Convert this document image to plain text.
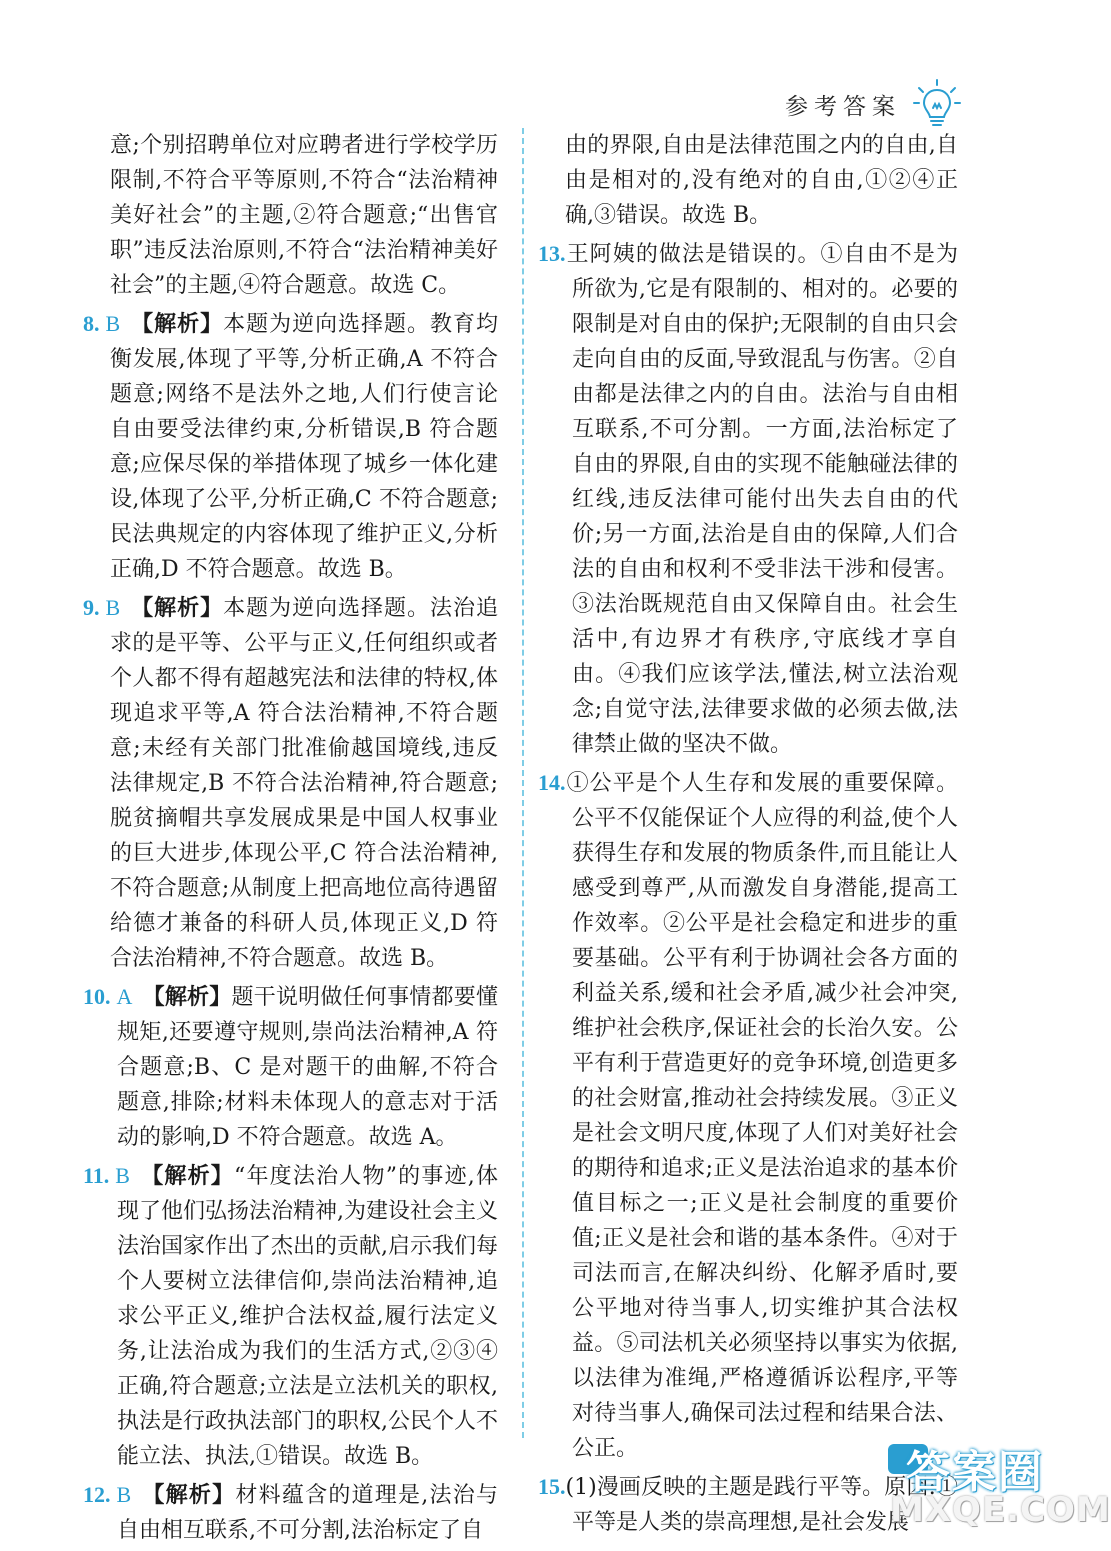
参考答案

意;个别招聘单位对应聘者进行学校学历限制,不符合平等原则,不符合“法治精神美好社会”的主题,②符合题意;“出售官职”违反法治原则,不符合“法治精神美好社会”的主题,④符合题意。故选 C。

8. B 【解析】本题为逆向选择题。教育均衡发展,体现了平等,分析正确,A 不符合题意;网络不是法外之地,人们行使言论自由要受法律约束,分析错误,B 符合题意;应保尽保的举措体现了城乡一体化建设,体现了公平,分析正确,C 不符合题意;民法典规定的内容体现了维护正义,分析正确,D 不符合题意。故选 B。

9. B 【解析】本题为逆向选择题。法治追求的是平等、公平与正义,任何组织或者个人都不得有超越宪法和法律的特权,体现追求平等,A 符合法治精神,不符合题意;未经有关部门批准偷越国境线,违反法律规定,B 不符合法治精神,符合题意;脱贫摘帽共享发展成果是中国人权事业的巨大进步,体现公平,C 符合法治精神,不符合题意;从制度上把高地位高待遇留给德才兼备的科研人员,体现正义,D 符合法治精神,不符合题意。故选 B。

10. A 【解析】题干说明做任何事情都要懂规矩,还要遵守规则,崇尚法治精神,A 符合题意;B、C 是对题干的曲解,不符合题意,排除;材料未体现人的意志对于活动的影响,D 不符合题意。故选 A。

11. B 【解析】“年度法治人物”的事迹,体现了他们弘扬法治精神,为建设社会主义法治国家作出了杰出的贡献,启示我们每个人要树立法律信仰,崇尚法治精神,追求公平正义,维护合法权益,履行法定义务,让法治成为我们的生活方式,②③④正确,符合题意;立法是立法机关的职权,执法是行政执法部门的职权,公民个人不能立法、执法,①错误。故选 B。

12. B 【解析】材料蕴含的道理是,法治与自由相互联系,不可分割,法治标定了自

由的界限,自由是法律范围之内的自由,自由是相对的,没有绝对的自由,①②④正确,③错误。故选 B。

13.王阿姨的做法是错误的。①自由不是为所欲为,它是有限制的、相对的。必要的限制是对自由的保护;无限制的自由只会走向自由的反面,导致混乱与伤害。②自由都是法律之内的自由。法治与自由相互联系,不可分割。一方面,法治标定了自由的界限,自由的实现不能触碰法律的红线,违反法律可能付出失去自由的代价;另一方面,法治是自由的保障,人们合法的自由和权利不受非法干涉和侵害。③法治既规范自由又保障自由。社会生活中,有边界才有秩序,守底线才享自由。④我们应该学法,懂法,树立法治观念;自觉守法,法律要求做的必须去做,法律禁止做的坚决不做。

14.①公平是个人生存和发展的重要保障。公平不仅能保证个人应得的利益,使个人获得生存和发展的物质条件,而且能让人感受到尊严,从而激发自身潜能,提高工作效率。②公平是社会稳定和进步的重要基础。公平有利于协调社会各方面的利益关系,缓和社会矛盾,减少社会冲突,维护社会秩序,保证社会的长治久安。公平有利于营造更好的竞争环境,创造更多的社会财富,推动社会持续发展。③正义是社会文明尺度,体现了人们对美好社会的期待和追求;正义是法治追求的基本价值目标之一;正义是社会制度的重要价值;正义是社会和谐的基本条件。④对于司法而言,在解决纠纷、化解矛盾时,要公平地对待当事人,切实维护其合法权益。⑤司法机关必须坚持以事实为依据,以法律为准绳,严格遵循诉讼程序,平等对待当事人,确保司法过程和结果合法、公正。

15.(1)漫画反映的主题是践行平等。原因:①平等是人类的崇高理想,是社会发展

答案圈
MXQE.COM
